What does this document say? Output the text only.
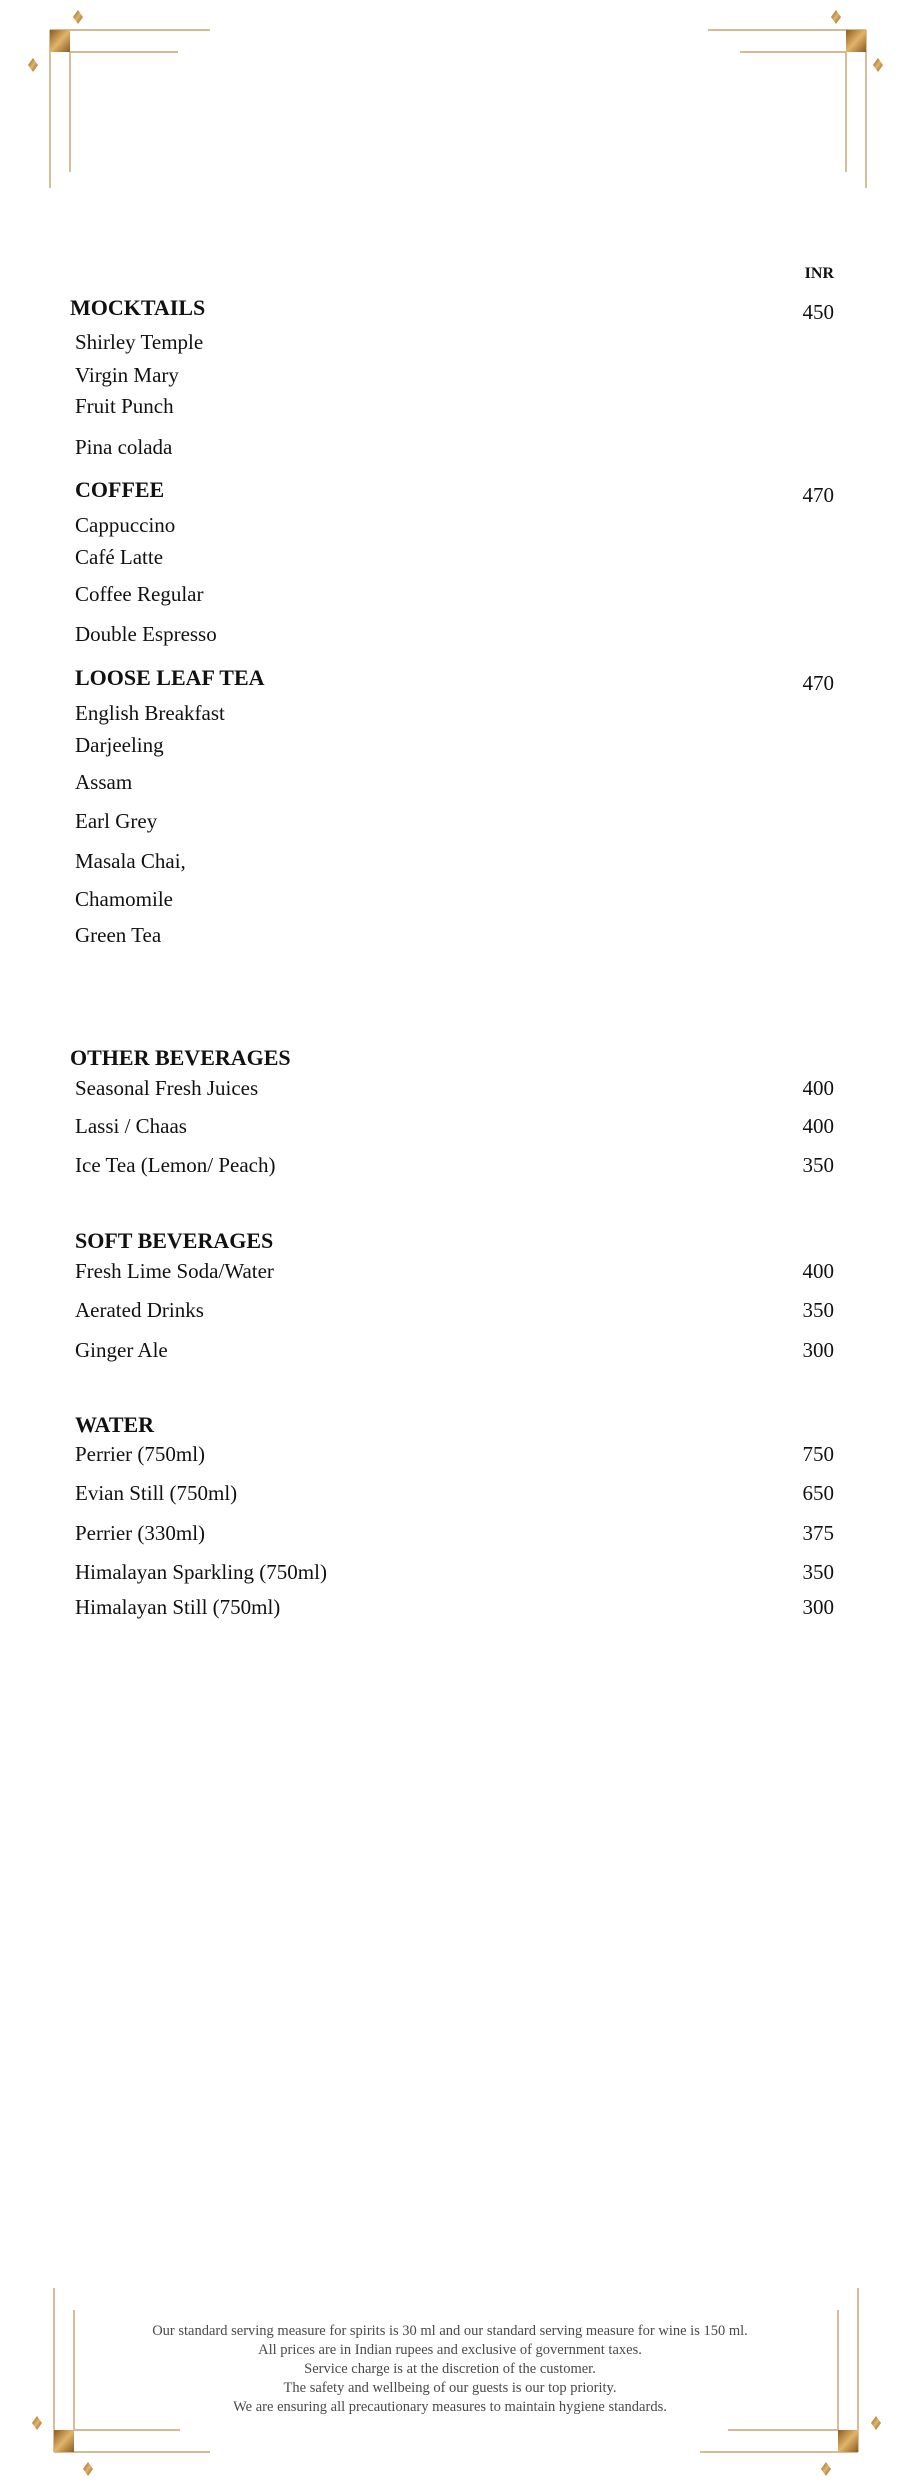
INR
MOCKTAILS	450
Shirley Temple
Virgin Mary
Fruit Punch
Pina colada
COFFEE	470
Cappuccino
Café Latte
Coffee Regular
Double Espresso
LOOSE LEAF TEA	470
English Breakfast
Darjeeling
Assam
Earl Grey
Masala Chai,
Chamomile
Green Tea
OTHER BEVERAGES
Seasonal Fresh Juices	400
Lassi / Chaas	400
Ice Tea (Lemon/ Peach)	350
SOFT BEVERAGES
Fresh Lime Soda/Water	400
Aerated Drinks	350
Ginger Ale	300
WATER
Perrier (750ml)	750
Evian Still (750ml)	650
Perrier (330ml)	375
Himalayan Sparkling (750ml)	350
Himalayan Still (750ml)	300
Our standard serving measure for spirits is 30 ml and our standard serving measure for wine is 150 ml.
All prices are in Indian rupees and exclusive of government taxes.
Service charge is at the discretion of the customer.
The safety and wellbeing of our guests is our top priority.
We are ensuring all precautionary measures to maintain hygiene standards.
